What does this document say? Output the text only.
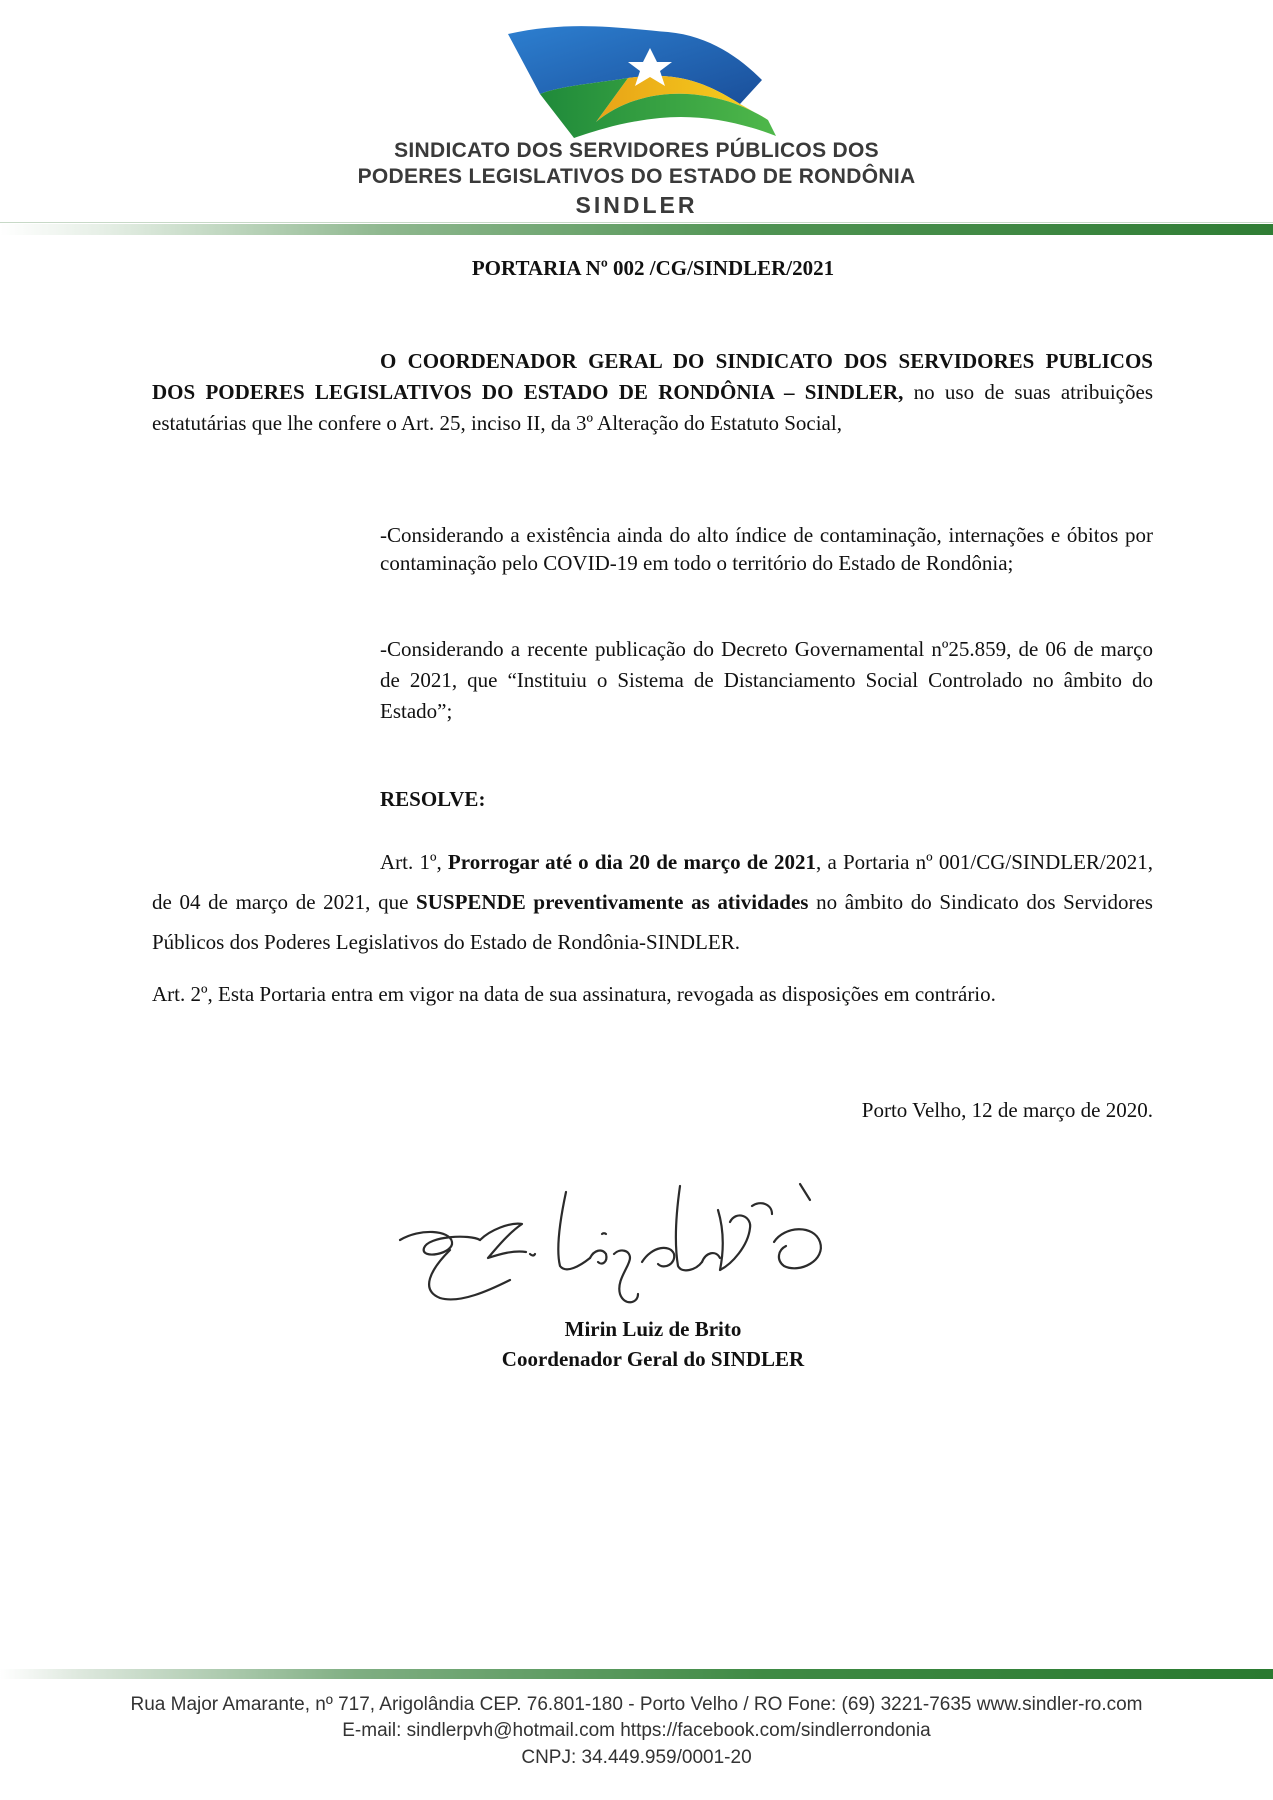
SINDICATO DOS SERVIDORES PÚBLICOS DOS
PODERES LEGISLATIVOS DO ESTADO DE RONDÔNIA
SINDLER
PORTARIA Nº 002 /CG/SINDLER/2021

O COORDENADOR GERAL DO SINDICATO DOS SERVIDORES PUBLICOS DOS PODERES LEGISLATIVOS DO ESTADO DE RONDÔNIA – SINDLER, no uso de suas atribuições estatutárias que lhe confere o Art. 25, inciso II, da 3º Alteração do Estatuto Social,

-Considerando a existência ainda do alto índice de contaminação, internações e óbitos por contaminação pelo COVID-19 em todo o território do Estado de Rondônia;

-Considerando a recente publicação do Decreto Governamental nº25.859, de 06 de março de 2021, que “Instituiu o Sistema de Distanciamento Social Controlado no âmbito do Estado”;

RESOLVE:

Art. 1º, Prorrogar até o dia 20 de março de 2021, a Portaria nº 001/CG/SINDLER/2021, de 04 de março de 2021, que SUSPENDE preventivamente as atividades no âmbito do Sindicato dos Servidores Públicos dos Poderes Legislativos do Estado de Rondônia-SINDLER.

Art. 2º, Esta Portaria entra em vigor na data de sua assinatura, revogada as disposições em contrário.
Porto Velho, 12 de março de 2020.
Mirin Luiz de Brito
Coordenador Geral do SINDLER
Rua Major Amarante, nº 717, Arigolândia CEP. 76.801-180 - Porto Velho / RO Fone: (69) 3221-7635 www.sindler-ro.com
E-mail: sindlerpvh@hotmail.com https://facebook.com/sindlerrondonia
CNPJ: 34.449.959/0001-20
